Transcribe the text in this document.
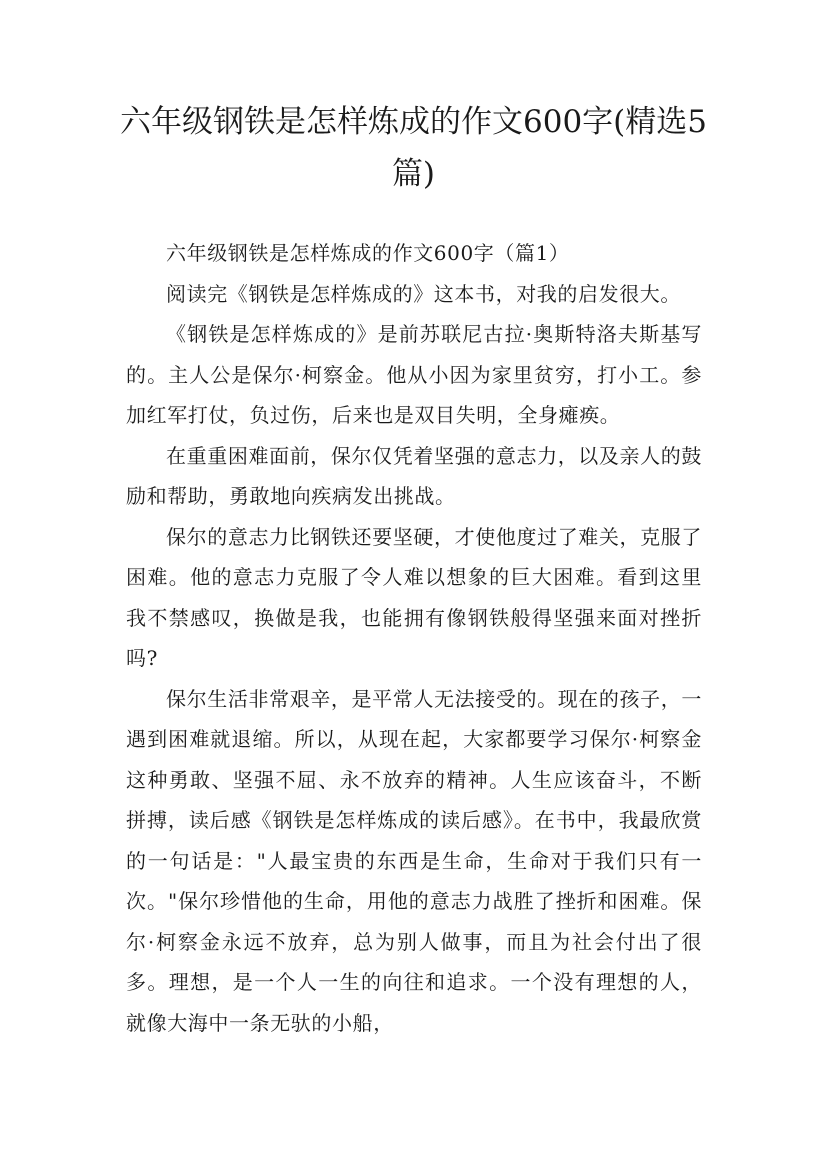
六年级钢铁是怎样炼成的作文600字(精选5篇)

六年级钢铁是怎样炼成的作文600字（篇1）

阅读完《钢铁是怎样炼成的》这本书，对我的启发很大。

《钢铁是怎样炼成的》是前苏联尼古拉·奥斯特洛夫斯基写的。主人公是保尔·柯察金。他从小因为家里贫穷，打小工。参加红军打仗，负过伤，后来也是双目失明，全身瘫痪。

在重重困难面前，保尔仅凭着坚强的意志力，以及亲人的鼓励和帮助，勇敢地向疾病发出挑战。

保尔的意志力比钢铁还要坚硬，才使他度过了难关，克服了困难。他的意志力克服了令人难以想象的巨大困难。看到这里我不禁感叹，换做是我，也能拥有像钢铁般得坚强来面对挫折吗?

保尔生活非常艰辛，是平常人无法接受的。现在的孩子，一遇到困难就退缩。所以，从现在起，大家都要学习保尔·柯察金这种勇敢、坚强不屈、永不放弃的精神。人生应该奋斗，不断拼搏，读后感《钢铁是怎样炼成的读后感》。在书中，我最欣赏的一句话是："人最宝贵的东西是生命，生命对于我们只有一次。"保尔珍惜他的生命，用他的意志力战胜了挫折和困难。保尔·柯察金永远不放弃，总为别人做事，而且为社会付出了很多。理想，是一个人一生的向往和追求。一个没有理想的人，就像大海中一条无驮的小船，
